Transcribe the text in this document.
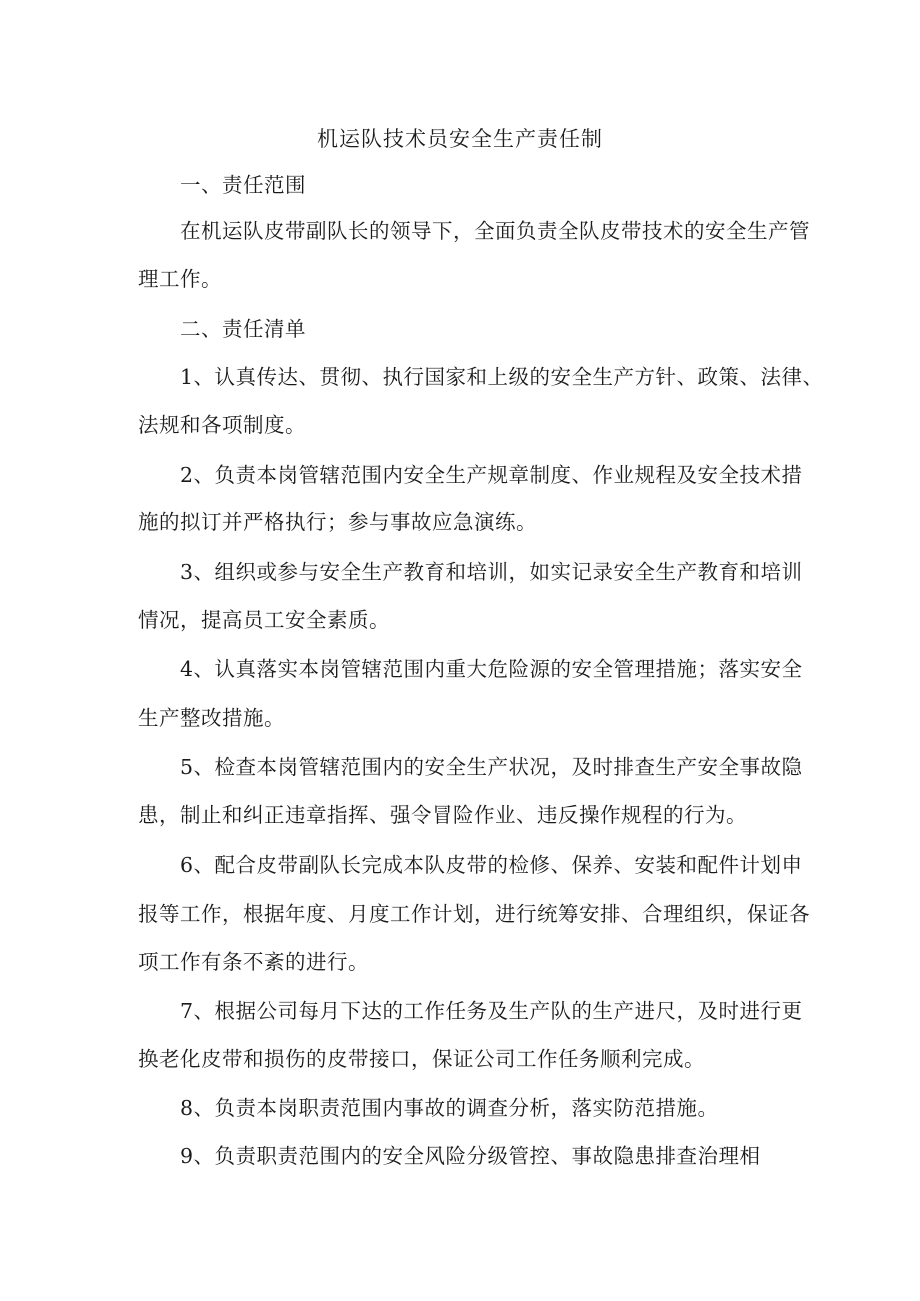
机运队技术员安全生产责任制
一、责任范围
在机运队皮带副队长的领导下，全面负责全队皮带技术的安全生产管
理工作。
二、责任清单
1、认真传达、贯彻、执行国家和上级的安全生产方针、政策、法律、
法规和各项制度。
2、负责本岗管辖范围内安全生产规章制度、作业规程及安全技术措
施的拟订并严格执行；参与事故应急演练。
3、组织或参与安全生产教育和培训，如实记录安全生产教育和培训
情况，提高员工安全素质。
4、认真落实本岗管辖范围内重大危险源的安全管理措施；落实安全
生产整改措施。
5、检查本岗管辖范围内的安全生产状况，及时排查生产安全事故隐
患，制止和纠正违章指挥、强令冒险作业、违反操作规程的行为。
6、配合皮带副队长完成本队皮带的检修、保养、安装和配件计划申
报等工作，根据年度、月度工作计划，进行统筹安排、合理组织，保证各
项工作有条不紊的进行。
7、根据公司每月下达的工作任务及生产队的生产进尺，及时进行更
换老化皮带和损伤的皮带接口，保证公司工作任务顺利完成。
8、负责本岗职责范围内事故的调查分析，落实防范措施。
9、负责职责范围内的安全风险分级管控、事故隐患排查治理相
